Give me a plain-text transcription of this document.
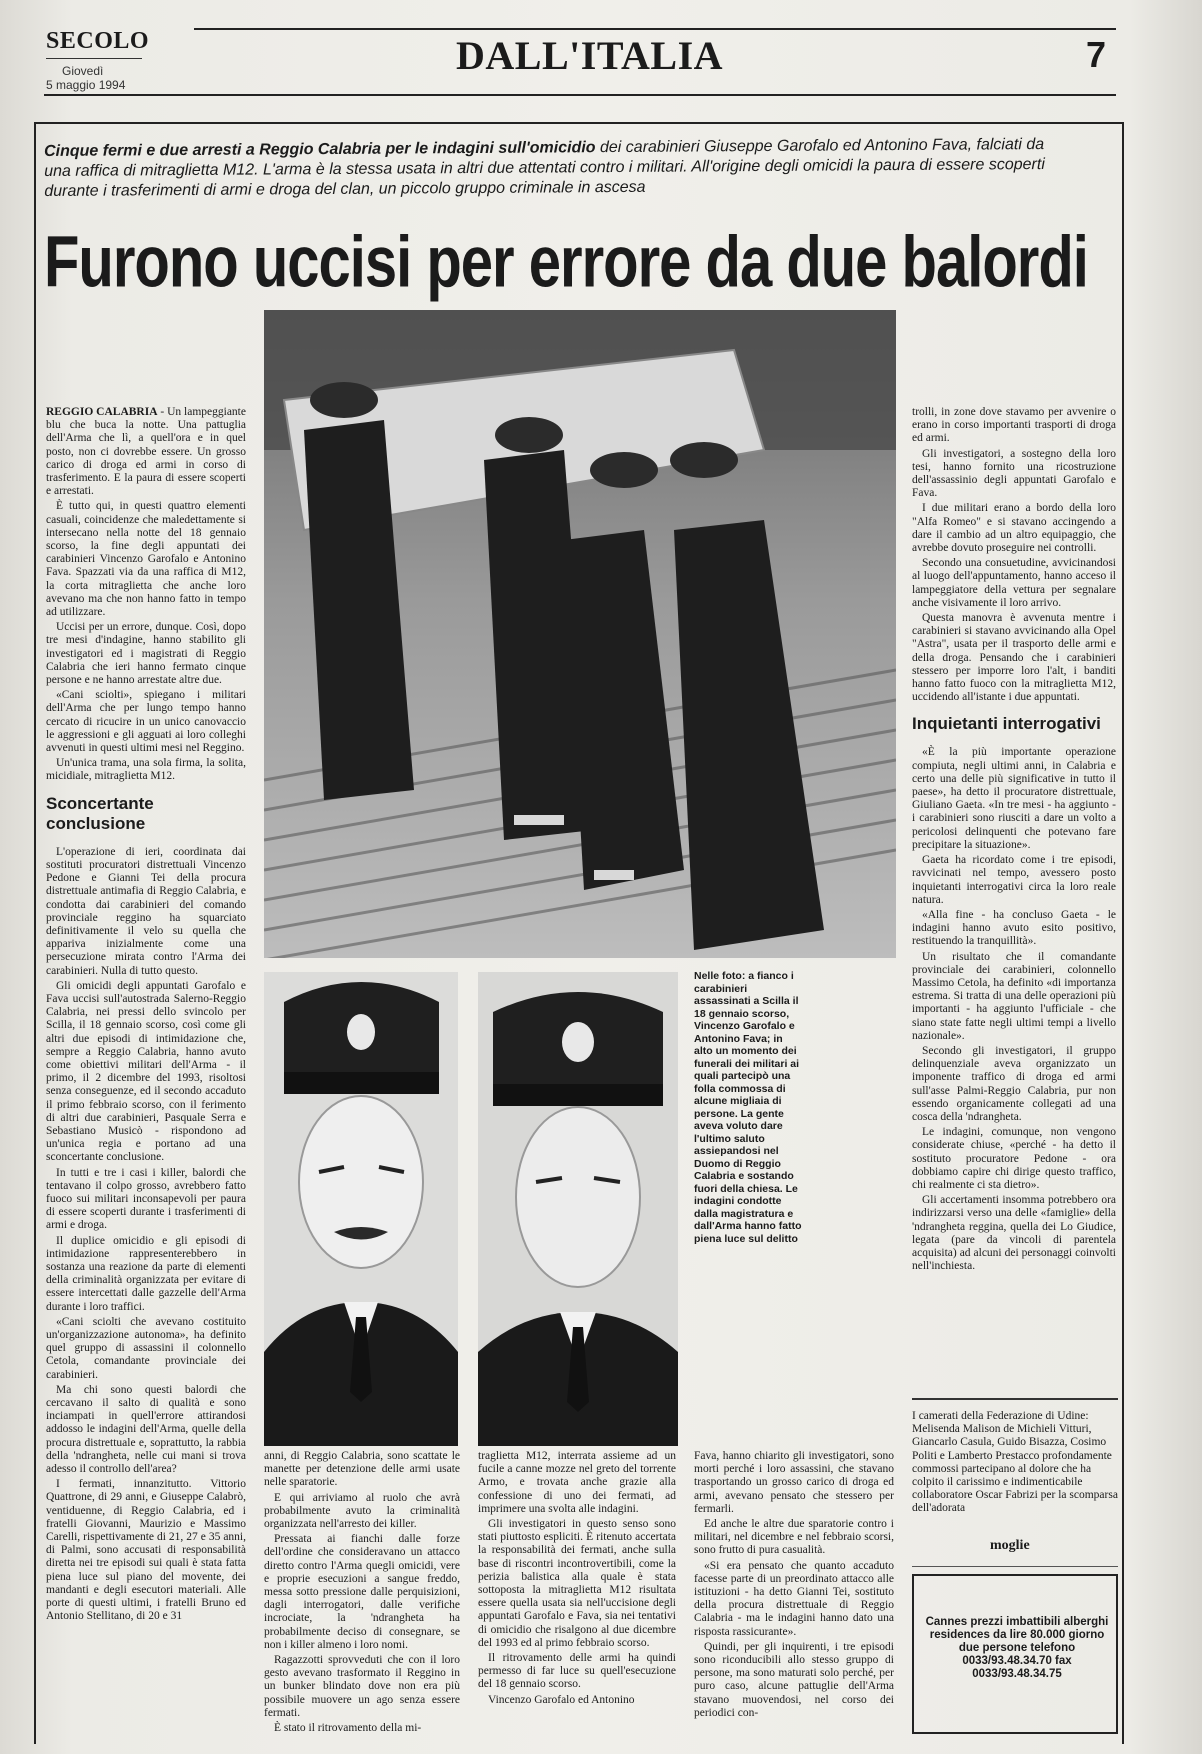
SECOLO
Giovedì
5 maggio 1994
DALL'ITALIA	7
Cinque fermi e due arresti a Reggio Calabria per le indagini sull'omicidio dei carabinieri Giuseppe Garofalo ed Antonino Fava, falciati da una raffica di mitraglietta M12. L'arma è la stessa usata in altri due attentati contro i militari. All'origine degli omicidi la paura di essere scoperti durante i trasferimenti di armi e droga del clan, un piccolo gruppo criminale in ascesa
Furono uccisi per errore da due balordi

REGGIO CALABRIA - Un lampeggiante blu che buca la notte. Una pattuglia dell'Arma che lì, a quell'ora e in quel posto, non ci dovrebbe essere. Un grosso carico di droga ed armi in corso di trasferimento. E la paura di essere scoperti e arrestati.

È tutto qui, in questi quattro elementi casuali, coincidenze che maledettamente si intersecano nella notte del 18 gennaio scorso, la fine degli appuntati dei carabinieri Vincenzo Garofalo e Antonino Fava. Spazzati via da una raffica di M12, la corta mitraglietta che anche loro avevano ma che non hanno fatto in tempo ad utilizzare.

Uccisi per un errore, dunque. Così, dopo tre mesi d'indagine, hanno stabilito gli investigatori ed i magistrati di Reggio Calabria che ieri hanno fermato cinque persone e ne hanno arrestate altre due.

«Cani sciolti», spiegano i militari dell'Arma che per lungo tempo hanno cercato di ricucire in un unico canovaccio le aggressioni e gli agguati ai loro colleghi avvenuti in questi ultimi mesi nel Reggino.

Un'unica trama, una sola firma, la solita, micidiale, mitraglietta M12.

Sconcertante conclusione

L'operazione di ieri, coordinata dai sostituti procuratori distrettuali Vincenzo Pedone e Gianni Tei della procura distrettuale antimafia di Reggio Calabria, e condotta dai carabinieri del comando provinciale reggino ha squarciato definitivamente il velo su quella che appariva inizialmente come una persecuzione mirata contro l'Arma dei carabinieri. Nulla di tutto questo.

Gli omicidi degli appuntati Garofalo e Fava uccisi sull'autostrada Salerno-Reggio Calabria, nei pressi dello svincolo per Scilla, il 18 gennaio scorso, così come gli altri due episodi di intimidazione che, sempre a Reggio Calabria, hanno avuto come obiettivi militari dell'Arma - il primo, il 2 dicembre del 1993, risoltosi senza conseguenze, ed il secondo accaduto il primo febbraio scorso, con il ferimento di altri due carabinieri, Pasquale Serra e Sebastiano Musicò - rispondono ad un'unica regia e portano ad una sconcertante conclusione.

In tutti e tre i casi i killer, balordi che tentavano il colpo grosso, avrebbero fatto fuoco sui militari inconsapevoli per paura di essere scoperti durante i trasferimenti di armi e droga.

Il duplice omicidio e gli episodi di intimidazione rappresenterebbero in sostanza una reazione da parte di elementi della criminalità organizzata per evitare di essere intercettati dalle gazzelle dell'Arma durante i loro traffici.

«Cani sciolti che avevano costituito un'organizzazione autonoma», ha definito quel gruppo di assassini il colonnello Cetola, comandante provinciale dei carabinieri.

Ma chi sono questi balordi che cercavano il salto di qualità e sono inciampati in quell'errore attirandosi addosso le indagini dell'Arma, quelle della procura distrettuale e, soprattutto, la rabbia della 'ndrangheta, nelle cui mani si trova adesso il controllo dell'area?

I fermati, innanzitutto. Vittorio Quattrone, di 29 anni, e Giuseppe Calabrò, ventiduenne, di Reggio Calabria, ed i fratelli Giovanni, Maurizio e Massimo Carelli, rispettivamente di 21, 27 e 35 anni, di Palmi, sono accusati di responsabilità diretta nei tre episodi sui quali è stata fatta piena luce sul piano del movente, dei mandanti e degli esecutori materiali. Alle porte di questi ultimi, i fratelli Bruno ed Antonio Stellitano, di 20 e 31

Nelle foto: a fianco i carabinieri assassinati a Scilla il 18 gennaio scorso, Vincenzo Garofalo e Antonino Fava; in alto un momento dei funerali dei militari ai quali partecipò una folla commossa di alcune migliaia di persone. La gente aveva voluto dare l'ultimo saluto assiepandosi nel Duomo di Reggio Calabria e sostando fuori della chiesa. Le indagini condotte dalla magistratura e dall'Arma hanno fatto piena luce sul delitto

anni, di Reggio Calabria, sono scattate le manette per detenzione delle armi usate nelle sparatorie.

E qui arriviamo al ruolo che avrà probabilmente avuto la criminalità organizzata nell'arresto dei killer.

Pressata ai fianchi dalle forze dell'ordine che consideravano un attacco diretto contro l'Arma quegli omicidi, vere e proprie esecuzioni a sangue freddo, messa sotto pressione dalle perquisizioni, dagli interrogatori, dalle verifiche incrociate, la 'ndrangheta ha probabilmente deciso di consegnare, se non i killer almeno i loro nomi.

Ragazzotti sprovveduti che con il loro gesto avevano trasformato il Reggino in un bunker blindato dove non era più possibile muovere un ago senza essere fermati.

È stato il ritrovamento della mi-

traglietta M12, interrata assieme ad un fucile a canne mozze nel greto del torrente Armo, e trovata anche grazie alla confessione di uno dei fermati, ad imprimere una svolta alle indagini.

Gli investigatori in questo senso sono stati piuttosto espliciti. È ritenuto accertata la responsabilità dei fermati, anche sulla base di riscontri incontrovertibili, come la perizia balistica alla quale è stata sottoposta la mitraglietta M12 risultata essere quella usata sia nell'uccisione degli appuntati Garofalo e Fava, sia nei tentativi di omicidio che risalgono al due dicembre del 1993 ed al primo febbraio scorso.

Il ritrovamento delle armi ha quindi permesso di far luce su quell'esecuzione del 18 gennaio scorso.

Vincenzo Garofalo ed Antonino

Fava, hanno chiarito gli investigatori, sono morti perché i loro assassini, che stavano trasportando un grosso carico di droga ed armi, avevano pensato che stessero per fermarli.

Ed anche le altre due sparatorie contro i militari, nel dicembre e nel febbraio scorsi, sono frutto di pura casualità.

«Si era pensato che quanto accaduto facesse parte di un preordinato attacco alle istituzioni - ha detto Gianni Tei, sostituto della procura distrettuale di Reggio Calabria - ma le indagini hanno dato una risposta rassicurante».

Quindi, per gli inquirenti, i tre episodi sono riconducibili allo stesso gruppo di persone, ma sono maturati solo perché, per puro caso, alcune pattuglie dell'Arma stavano muovendosi, nel corso dei periodici con-

trolli, in zone dove stavamo per avvenire o erano in corso importanti trasporti di droga ed armi.

Gli investigatori, a sostegno della loro tesi, hanno fornito una ricostruzione dell'assassinio degli appuntati Garofalo e Fava.

I due militari erano a bordo della loro "Alfa Romeo" e si stavano accingendo a dare il cambio ad un altro equipaggio, che avrebbe dovuto proseguire nei controlli.

Secondo una consuetudine, avvicinandosi al luogo dell'appuntamento, hanno acceso il lampeggiatore della vettura per segnalare anche visivamente il loro arrivo.

Questa manovra è avvenuta mentre i carabinieri si stavano avvicinando alla Opel "Astra", usata per il trasporto delle armi e della droga. Pensando che i carabinieri stessero per imporre loro l'alt, i banditi hanno fatto fuoco con la mitraglietta M12, uccidendo all'istante i due appuntati.

Inquietanti interrogativi

«È la più importante operazione compiuta, negli ultimi anni, in Calabria e certo una delle più significative in tutto il paese», ha detto il procuratore distrettuale, Giuliano Gaeta. «In tre mesi - ha aggiunto - i carabinieri sono riusciti a dare un volto a pericolosi delinquenti che potevano fare precipitare la situazione».

Gaeta ha ricordato come i tre episodi, ravvicinati nel tempo, avessero posto inquietanti interrogativi circa la loro reale natura.

«Alla fine - ha concluso Gaeta - le indagini hanno avuto esito positivo, restituendo la tranquillità».

Un risultato che il comandante provinciale dei carabinieri, colonnello Massimo Cetola, ha definito «di importanza estrema. Si tratta di una delle operazioni più importanti - ha aggiunto l'ufficiale - che siano state fatte negli ultimi tempi a livello nazionale».

Secondo gli investigatori, il gruppo delinquenziale aveva organizzato un imponente traffico di droga ed armi sull'asse Palmi-Reggio Calabria, pur non essendo organicamente collegati ad una cosca della 'ndrangheta.

Le indagini, comunque, non vengono considerate chiuse, «perché - ha detto il sostituto procuratore Pedone - ora dobbiamo capire chi dirige questo traffico, chi realmente ci sta dietro».

Gli accertamenti insomma potrebbero ora indirizzarsi verso una delle «famiglie» della 'ndrangheta reggina, quella dei Lo Giudice, legata (pare da vincoli di parentela acquisita) ad alcuni dei personaggi coinvolti nell'inchiesta.

I camerati della Federazione di Udine: Melisenda Malison de Michieli Vitturi, Giancarlo Casula, Guido Bisazza, Cosimo Politi e Lamberto Prestacco profondamente commossi partecipano al dolore che ha colpito il carissimo e indimenticabile collaboratore Oscar Fabrizi per la scomparsa dell'adorata
moglie
Cannes prezzi imbattibili alberghi residences da lire 80.000 giorno due persone telefono 0033/93.48.34.70 fax 0033/93.48.34.75
